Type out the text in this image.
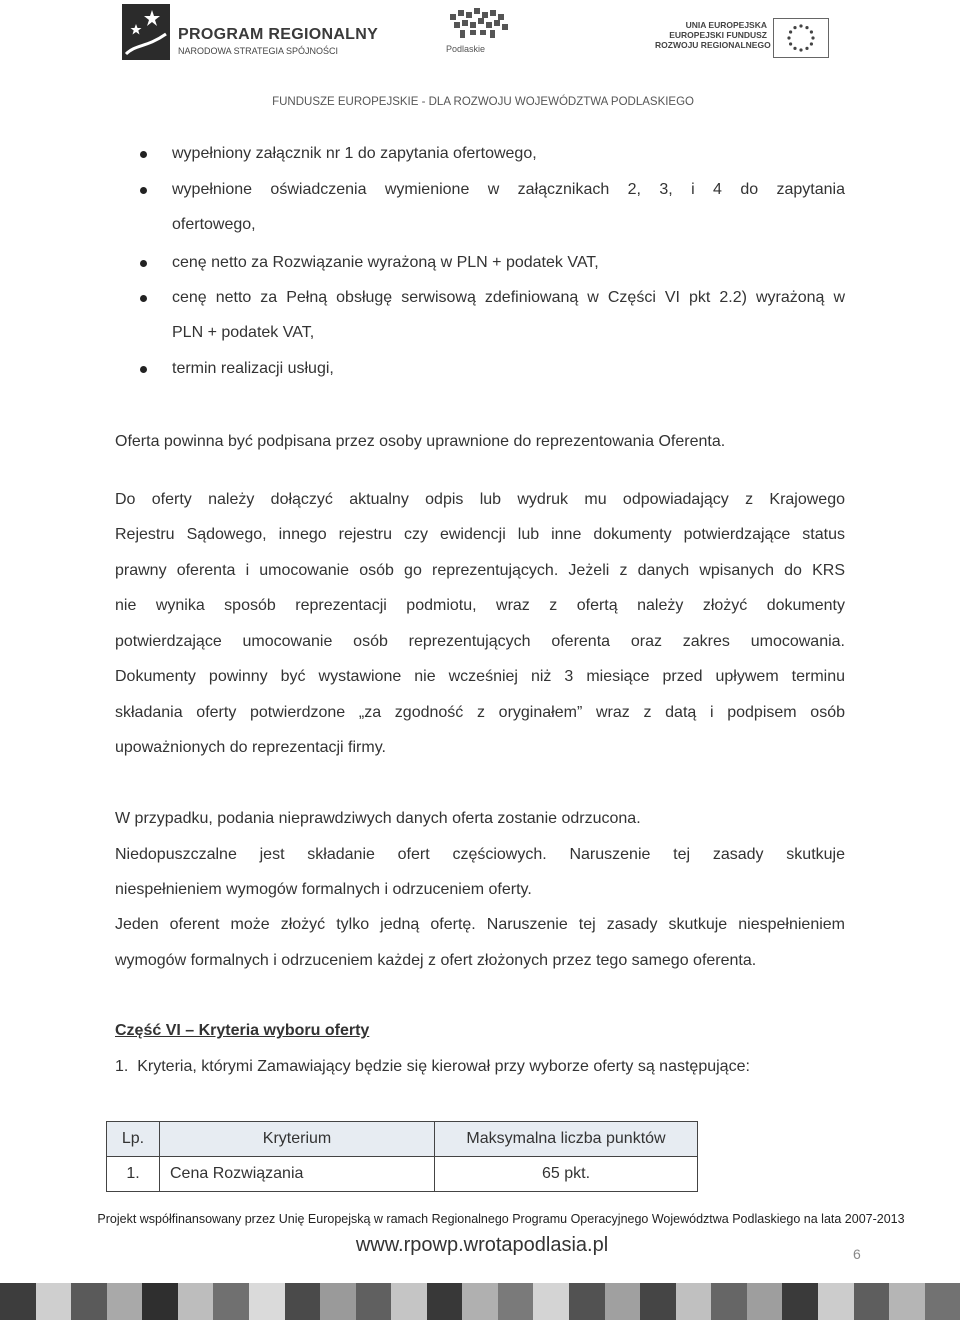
PROGRAM REGIONALNY
NARODOWA STRATEGIA SPÓJNOŚCI	Podlaskie
UNIA EUROPEJSKA
EUROPEJSKI FUNDUSZ
ROZWOJU REGIONALNEGO
FUNDUSZE EUROPEJSKIE - DLA ROZWOJU WOJEWÓDZTWA PODLASKIEGO
wypełniony załącznik nr 1 do zapytania ofertowego,
wypełnione oświadczenia wymienione w załącznikach 2, 3, i 4 do zapytania
ofertowego,
cenę netto za Rozwiązanie wyrażoną w PLN + podatek VAT,
cenę netto za Pełną obsługę serwisową zdefiniowaną w Części VI pkt 2.2) wyrażoną w
PLN + podatek VAT,
termin realizacji usługi,
Oferta powinna być podpisana przez osoby uprawnione do reprezentowania Oferenta.
Do oferty należy dołączyć aktualny odpis lub wydruk mu odpowiadający z Krajowego
Rejestru Sądowego, innego rejestru czy ewidencji lub inne dokumenty potwierdzające status
prawny oferenta i umocowanie osób go reprezentujących. Jeżeli z danych wpisanych do KRS
nie wynika sposób reprezentacji podmiotu, wraz z ofertą należy złożyć dokumenty
potwierdzające umocowanie osób reprezentujących oferenta oraz zakres umocowania.
Dokumenty powinny być wystawione nie wcześniej niż 3 miesiące przed upływem terminu
składania oferty potwierdzone „za zgodność z oryginałem” wraz z datą i podpisem osób
upoważnionych do reprezentacji firmy.
W przypadku, podania nieprawdziwych danych oferta zostanie odrzucona.
Niedopuszczalne jest składanie ofert częściowych. Naruszenie tej zasady skutkuje
niespełnieniem wymogów formalnych i odrzuceniem oferty.
Jeden oferent może złożyć tylko jedną ofertę. Naruszenie tej zasady skutkuje niespełnieniem
wymogów formalnych i odrzuceniem każdej z ofert złożonych przez tego samego oferenta.
Część VI – Kryteria wyboru oferty
1.  Kryteria, którymi Zamawiający będzie się kierował przy wyborze oferty są następujące:
Lp.	Kryterium	Maksymalna liczba punktów
1.	Cena Rozwiązania	65 pkt.
Projekt współfinansowany przez Unię Europejską w ramach Regionalnego Programu Operacyjnego Województwa Podlaskiego na lata 2007-2013
www.rpowp.wrotapodlasia.pl	6
